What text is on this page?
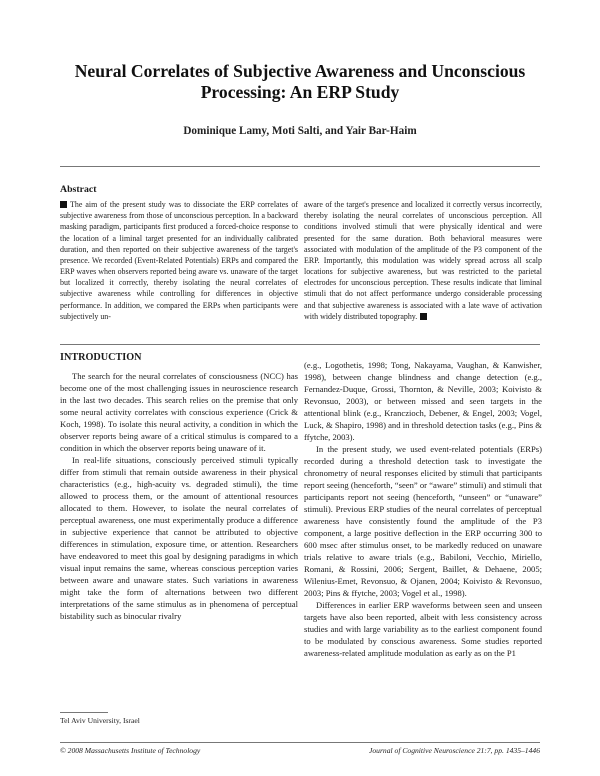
Neural Correlates of Subjective Awareness and Unconscious Processing: An ERP Study
Dominique Lamy, Moti Salti, and Yair Bar-Haim
Abstract
The aim of the present study was to dissociate the ERP correlates of subjective awareness from those of unconscious perception. In a backward masking paradigm, participants first produced a forced-choice response to the location of a liminal target presented for an individually calibrated duration, and then reported on their subjective awareness of the target's presence. We recorded (Event-Related Potentials) ERPs and compared the ERP waves when observers reported being aware vs. unaware of the target but localized it correctly, thereby isolating the neural correlates of subjective awareness while controlling for differences in objective performance. In addition, we compared the ERPs when participants were subjectively un-
aware of the target's presence and localized it correctly versus incorrectly, thereby isolating the neural correlates of unconscious perception. All conditions involved stimuli that were physically identical and were presented for the same duration. Both behavioral measures were associated with modulation of the amplitude of the P3 component of the ERP. Importantly, this modulation was widely spread across all scalp locations for subjective awareness, but was restricted to the parietal electrodes for unconscious perception. These results indicate that liminal stimuli that do not affect performance undergo considerable processing and that subjective awareness is associated with a late wave of activation with widely distributed topography.
INTRODUCTION

The search for the neural correlates of consciousness (NCC) has become one of the most challenging issues in neuroscience research in the last two decades. This search relies on the premise that only some neural activity correlates with conscious experience (Crick & Koch, 1998). To isolate this neural activity, a condition in which the observer reports being aware of a critical stimulus is compared to a condition in which the observer reports being unaware of it.

In real-life situations, consciously perceived stimuli typically differ from stimuli that remain outside awareness in their physical characteristics (e.g., high-acuity vs. degraded stimuli), the time allowed to process them, or the amount of attentional resources allocated to them. However, to isolate the neural correlates of perceptual awareness, one must experimentally produce a difference in subjective experience that cannot be attributed to objective differences in stimulation, exposure time, or attention. Researchers have endeavored to meet this goal by designing paradigms in which visual input remains the same, whereas conscious perception varies between aware and unaware states. Such variations in awareness might take the form of alternations between two different interpretations of the same stimulus as in phenomena of perceptual bistability such as binocular rivalry

(e.g., Logothetis, 1998; Tong, Nakayama, Vaughan, & Kanwisher, 1998), between change blindness and change detection (e.g., Fernandez-Duque, Grossi, Thornton, & Neville, 2003; Koivisto & Revonsuo, 2003), or between missed and seen targets in the attentional blink (e.g., Kranczioch, Debener, & Engel, 2003; Vogel, Luck, & Shapiro, 1998) and in threshold detection tasks (e.g., Pins & ffytche, 2003).

In the present study, we used event-related potentials (ERPs) recorded during a threshold detection task to investigate the chronometry of neural responses elicited by stimuli that participants report seeing (henceforth, “seen” or “aware” stimuli) and stimuli that participants report not seeing (henceforth, “unseen” or “unaware” stimuli). Previous ERP studies of the neural correlates of perceptual awareness have consistently found the amplitude of the P3 component, a large positive deflection in the ERP occurring 300 to 600 msec after stimulus onset, to be markedly reduced on unaware trials relative to aware trials (e.g., Babiloni, Vecchio, Miriello, Romani, & Rossini, 2006; Sergent, Baillet, & Dehaene, 2005; Wilenius-Emet, Revonsuo, & Ojanen, 2004; Koivisto & Revonsuo, 2003; Pins & ffytche, 2003; Vogel et al., 1998).

Differences in earlier ERP waveforms between seen and unseen targets have also been reported, albeit with less consistency across studies and with large variability as to the earliest component found to be modulated by conscious awareness. Some studies reported awareness-related amplitude modulation as early as on the P1

Tel Aviv University, Israel
© 2008 Massachusetts Institute of Technology	Journal of Cognitive Neuroscience 21:7, pp. 1435–1446
